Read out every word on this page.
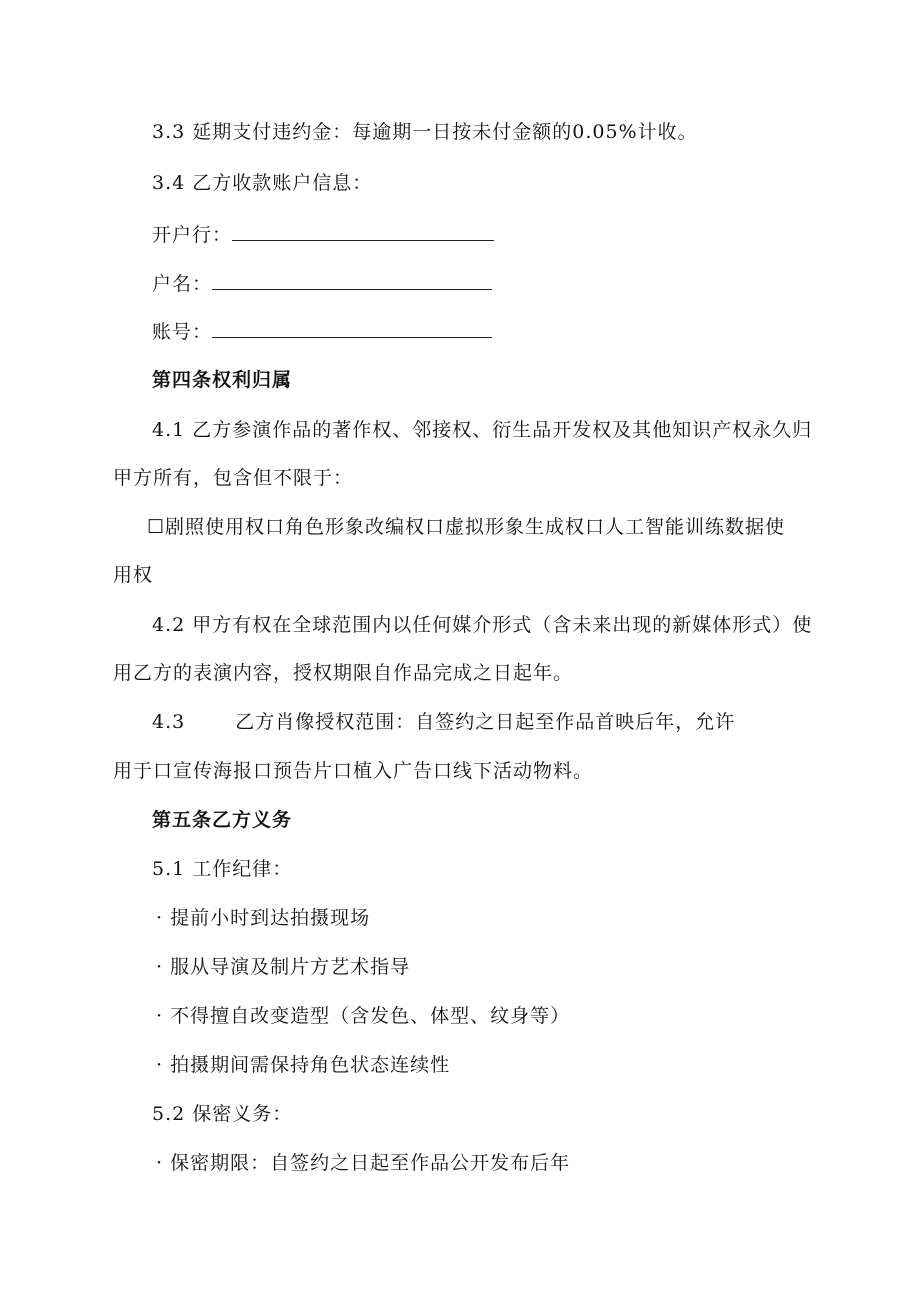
3.3 延期支付违约金：每逾期一日按未付金额的0.05%计收。
3.4 乙方收款账户信息：
开户行：
户名：
账号：
第四条权利归属
4.1 乙方参演作品的著作权、邻接权、衍生品开发权及其他知识产权永久归
甲方所有，包含但不限于：
☐剧照使用权口角色形象改编权口虚拟形象生成权口人工智能训练数据使
用权
4.2 甲方有权在全球范围内以任何媒介形式（含未来出现的新媒体形式）使
用乙方的表演内容，授权期限自作品完成之日起年。
4.3	乙方肖像授权范围：自签约之日起至作品首映后年，允许
用于口宣传海报口预告片口植入广告口线下活动物料。
第五条乙方义务
5.1 工作纪律：
· 提前小时到达拍摄现场
· 服从导演及制片方艺术指导
· 不得擅自改变造型（含发色、体型、纹身等）
· 拍摄期间需保持角色状态连续性
5.2 保密义务：
· 保密期限：自签约之日起至作品公开发布后年
